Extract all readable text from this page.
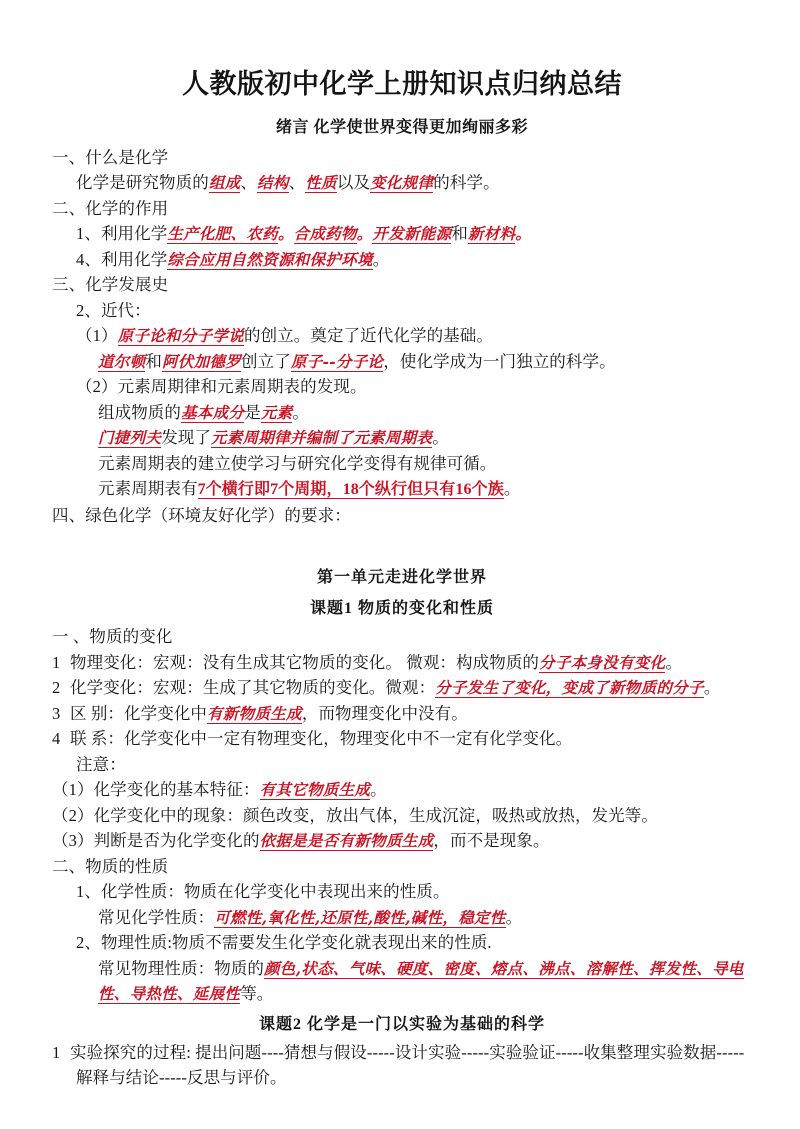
人教版初中化学上册知识点归纳总结
绪言 化学使世界变得更加绚丽多彩
一、什么是化学
化学是研究物质的组成、结构、性质以及变化规律的科学。
二、化学的作用
1、利用化学生产化肥、农药。合成药物。开发新能源和新材料。
4、利用化学综合应用自然资源和保护环境。
三、化学发展史
2、近代：
（1）原子论和分子学说的创立。奠定了近代化学的基础。
道尔顿和阿伏加德罗创立了原子--分子论，使化学成为一门独立的科学。
（2）元素周期律和元素周期表的发现。
组成物质的基本成分是元素。
门捷列夫发现了元素周期律并编制了元素周期表。
元素周期表的建立使学习与研究化学变得有规律可循。
元素周期表有7个横行即7个周期，18个纵行但只有16个族。
四、绿色化学（环境友好化学）的要求：
第一单元走进化学世界
课题1 物质的变化和性质
一 、物质的变化
1 物理变化：宏观：没有生成其它物质的变化。 微观：构成物质的分子本身没有变化。
2 化学变化：宏观：生成了其它物质的变化。微观：分子发生了变化，变成了新物质的分子。
3 区 别：化学变化中有新物质生成，而物理变化中没有。
4 联 系：化学变化中一定有物理变化，物理变化中不一定有化学变化。
注意：
（1）化学变化的基本特征：有其它物质生成。
（2）化学变化中的现象：颜色改变，放出气体，生成沉淀，吸热或放热，发光等。
（3）判断是否为化学变化的依据是是否有新物质生成，而不是现象。
二、物质的性质
1、化学性质：物质在化学变化中表现出来的性质。
常见化学性质：可燃性,氧化性,还原性,酸性,碱性，稳定性。
2、物理性质:物质不需要发生化学变化就表现出来的性质.
常见物理性质：物质的颜色,状态、气味、硬度、密度、熔点、沸点、溶解性、挥发性、导电性、导热性、延展性等。
课题2 化学是一门以实验为基础的科学
1 实验探究的过程: 提出问题----猜想与假设-----设计实验-----实验验证-----收集整理实验数据-----
解释与结论-----反思与评价。
